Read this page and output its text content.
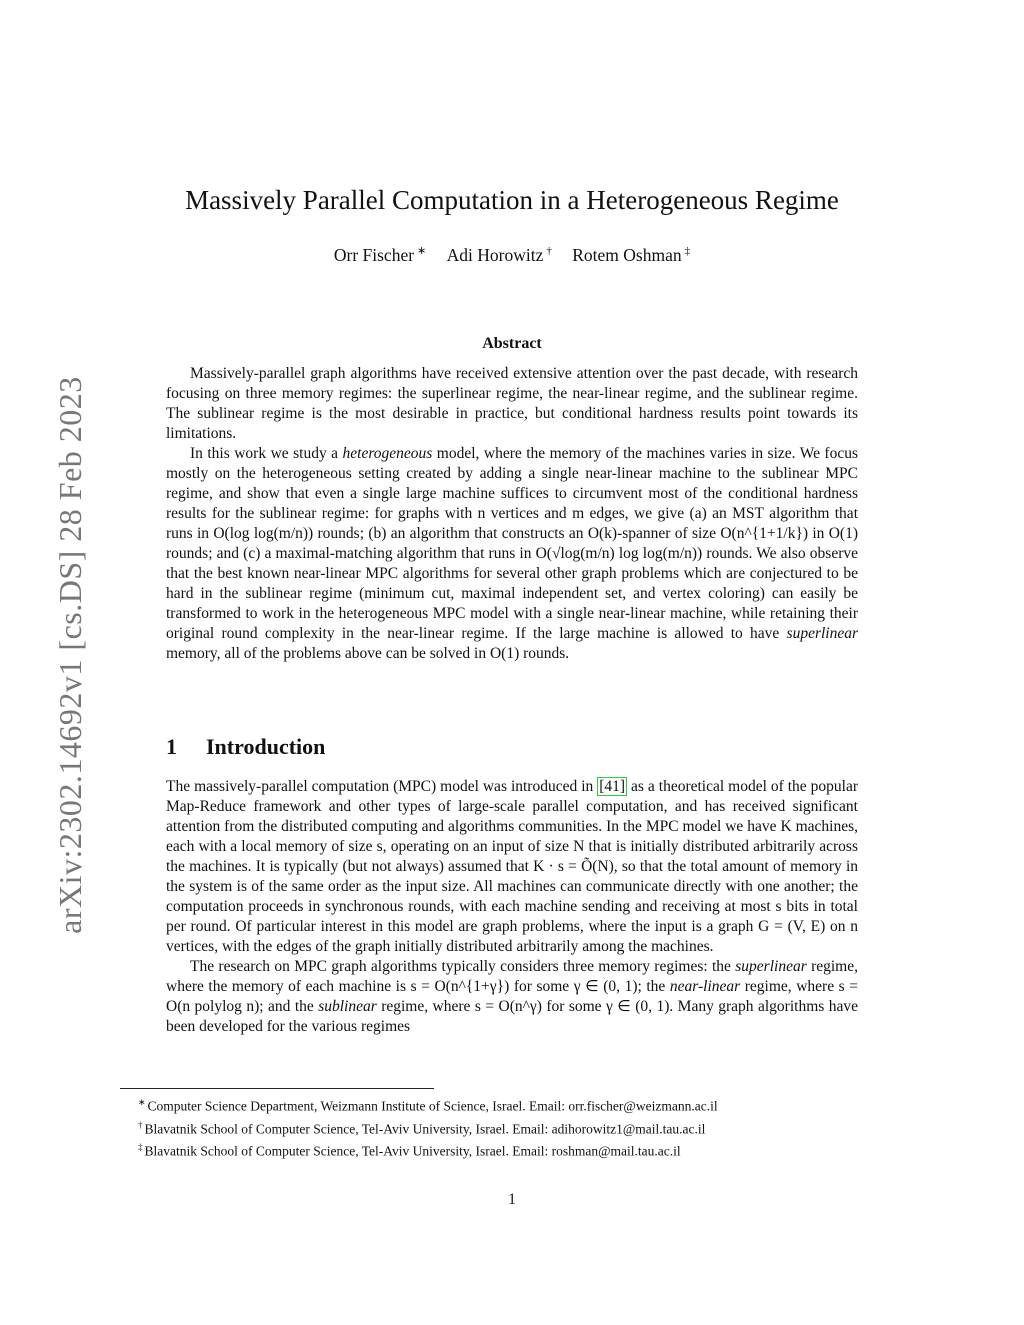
arXiv:2302.14692v1 [cs.DS] 28 Feb 2023
Massively Parallel Computation in a Heterogeneous Regime
Orr Fischer ∗ Adi Horowitz † Rotem Oshman ‡
Abstract

Massively-parallel graph algorithms have received extensive attention over the past decade, with research focusing on three memory regimes: the superlinear regime, the near-linear regime, and the sublinear regime. The sublinear regime is the most desirable in practice, but conditional hardness results point towards its limitations.

In this work we study a heterogeneous model, where the memory of the machines varies in size. We focus mostly on the heterogeneous setting created by adding a single near-linear machine to the sublinear MPC regime, and show that even a single large machine suffices to circumvent most of the conditional hardness results for the sublinear regime: for graphs with n vertices and m edges, we give (a) an MST algorithm that runs in O(log log(m/n)) rounds; (b) an algorithm that constructs an O(k)-spanner of size O(n^{1+1/k}) in O(1) rounds; and (c) a maximal-matching algorithm that runs in O(√log(m/n) log log(m/n)) rounds. We also observe that the best known near-linear MPC algorithms for several other graph problems which are conjectured to be hard in the sublinear regime (minimum cut, maximal independent set, and vertex coloring) can easily be transformed to work in the heterogeneous MPC model with a single near-linear machine, while retaining their original round complexity in the near-linear regime. If the large machine is allowed to have superlinear memory, all of the problems above can be solved in O(1) rounds.

1 Introduction

The massively-parallel computation (MPC) model was introduced in [41] as a theoretical model of the popular Map-Reduce framework and other types of large-scale parallel computation, and has received significant attention from the distributed computing and algorithms communities. In the MPC model we have K machines, each with a local memory of size s, operating on an input of size N that is initially distributed arbitrarily across the machines. It is typically (but not always) assumed that K · s = Õ(N), so that the total amount of memory in the system is of the same order as the input size. All machines can communicate directly with one another; the computation proceeds in synchronous rounds, with each machine sending and receiving at most s bits in total per round. Of particular interest in this model are graph problems, where the input is a graph G = (V, E) on n vertices, with the edges of the graph initially distributed arbitrarily among the machines.

The research on MPC graph algorithms typically considers three memory regimes: the superlinear regime, where the memory of each machine is s = O(n^{1+γ}) for some γ ∈ (0, 1); the near-linear regime, where s = O(n polylog n); and the sublinear regime, where s = O(n^γ) for some γ ∈ (0, 1). Many graph algorithms have been developed for the various regimes

∗ Computer Science Department, Weizmann Institute of Science, Israel. Email: orr.fischer@weizmann.ac.il
† Blavatnik School of Computer Science, Tel-Aviv University, Israel. Email: adihorowitz1@mail.tau.ac.il
‡ Blavatnik School of Computer Science, Tel-Aviv University, Israel. Email: roshman@mail.tau.ac.il
1
